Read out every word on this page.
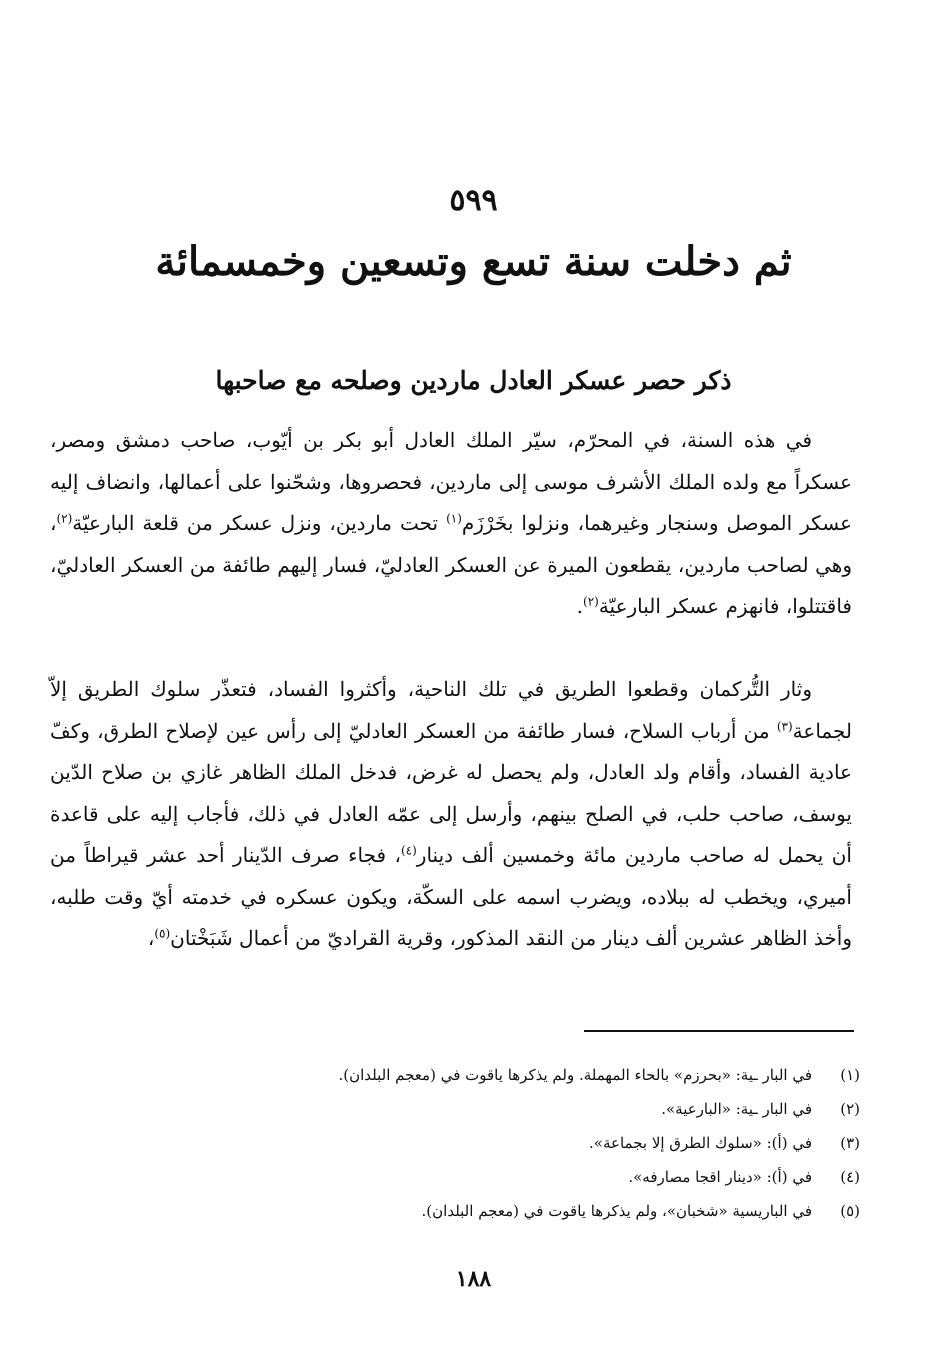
٥٩٩
ثم دخلت سنة تسع وتسعين وخمسمائة
ذكر حصر عسكر العادل ماردين وصلحه مع صاحبها

في هذه السنة، في المحرّم، سيّر الملك العادل أبو بكر بن أيّوب، صاحب دمشق ومصر، عسكراً مع ولده الملك الأشرف موسى إلى ماردين، فحصروها، وشحّنوا على أعمالها، وانضاف إليه عسكر الموصل وسنجار وغيرهما، ونزلوا بخَرْزَم$^{(١)}$ تحت ماردين، ونزل عسكر من قلعة البارعيّة$^{(٢)}$، وهي لصاحب ماردين، يقطعون الميرة عن العسكر العادليّ، فسار إليهم طائفة من العسكر العادليّ، فاقتتلوا، فانهزم عسكر البارعيّة$^{(٢)}$.

وثار التُّركمان وقطعوا الطريق في تلك الناحية، وأكثروا الفساد، فتعذّر سلوك الطريق إلاّ لجماعة$^{(٣)}$ من أرباب السلاح، فسار طائفة من العسكر العادليّ إلى رأس عين لإصلاح الطرق، وكفّ عادية الفساد، وأقام ولد العادل، ولم يحصل له غرض، فدخل الملك الظاهر غازي بن صلاح الدّين يوسف، صاحب حلب، في الصلح بينهم، وأرسل إلى عمّه العادل في ذلك، فأجاب إليه على قاعدة أن يحمل له صاحب ماردين مائة وخمسين ألف دينار$^{(٤)}$، فجاء صرف الدّينار أحد عشر قيراطاً من أميري، ويخطب له ببلاده، ويضرب اسمه على السكّة، ويكون عسكره في خدمته أيّ وقت طلبه، وأخذ الظاهر عشرين ألف دينار من النقد المذكور، وقرية القراديّ من أعمال شَبَخْتان$^{(٥)}$،

(١)
في البار ـية: «بحرزم» بالحاء المهملة. ولم يذكرها ياقوت في (معجم البلدان).
(٢)
في البار ـية: «البارعية».
(٣)
في (أ): «سلوك الطرق إلا بجماعة».
(٤)
في (أ): «دينار اقجا مصارفه».
(٥)
في الباريسية «شخبان»، ولم يذكرها ياقوت في (معجم البلدان).
١٨٨
